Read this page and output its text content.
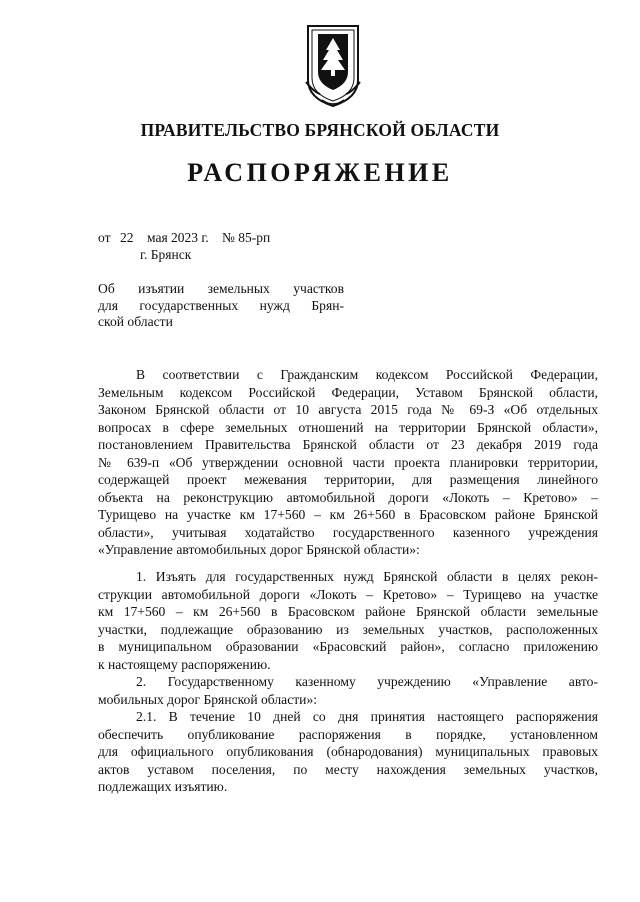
ПРАВИТЕЛЬСТВО БРЯНСКОЙ ОБЛАСТИ
РАСПОРЯЖЕНИЕ
от 22 мая 2023 г. № 85-рп
г. Брянск
Об изъятии земельных участков
для государственных нужд Брян-
ской области
В соответствии с Гражданским кодексом Российской Федерации,
Земельным кодексом Российской Федерации, Уставом Брянской области,
Законом Брянской области от 10 августа 2015 года № 69-З «Об отдельных
вопросах в сфере земельных отношений на территории Брянской области»,
постановлением Правительства Брянской области от 23 декабря 2019 года
№ 639-п «Об утверждении основной части проекта планировки территории,
содержащей проект межевания территории, для размещения линейного
объекта на реконструкцию автомобильной дороги «Локоть – Кретово» –
Турищево на участке км 17+560 – км 26+560 в Брасовском районе Брянской
области», учитывая ходатайство государственного казенного учреждения
«Управление автомобильных дорог Брянской области»:
1. Изъять для государственных нужд Брянской области в целях рекон-
струкции автомобильной дороги «Локоть – Кретово» – Турищево на участке
км 17+560 – км 26+560 в Брасовском районе Брянской области земельные
участки, подлежащие образованию из земельных участков, расположенных
в муниципальном образовании «Брасовский район», согласно приложению
к настоящему распоряжению.
2. Государственному казенному учреждению «Управление авто-
мобильных дорог Брянской области»:
2.1. В течение 10 дней со дня принятия настоящего распоряжения
обеспечить опубликование распоряжения в порядке, установленном
для официального опубликования (обнародования) муниципальных правовых
актов уставом поселения, по месту нахождения земельных участков,
подлежащих изъятию.
